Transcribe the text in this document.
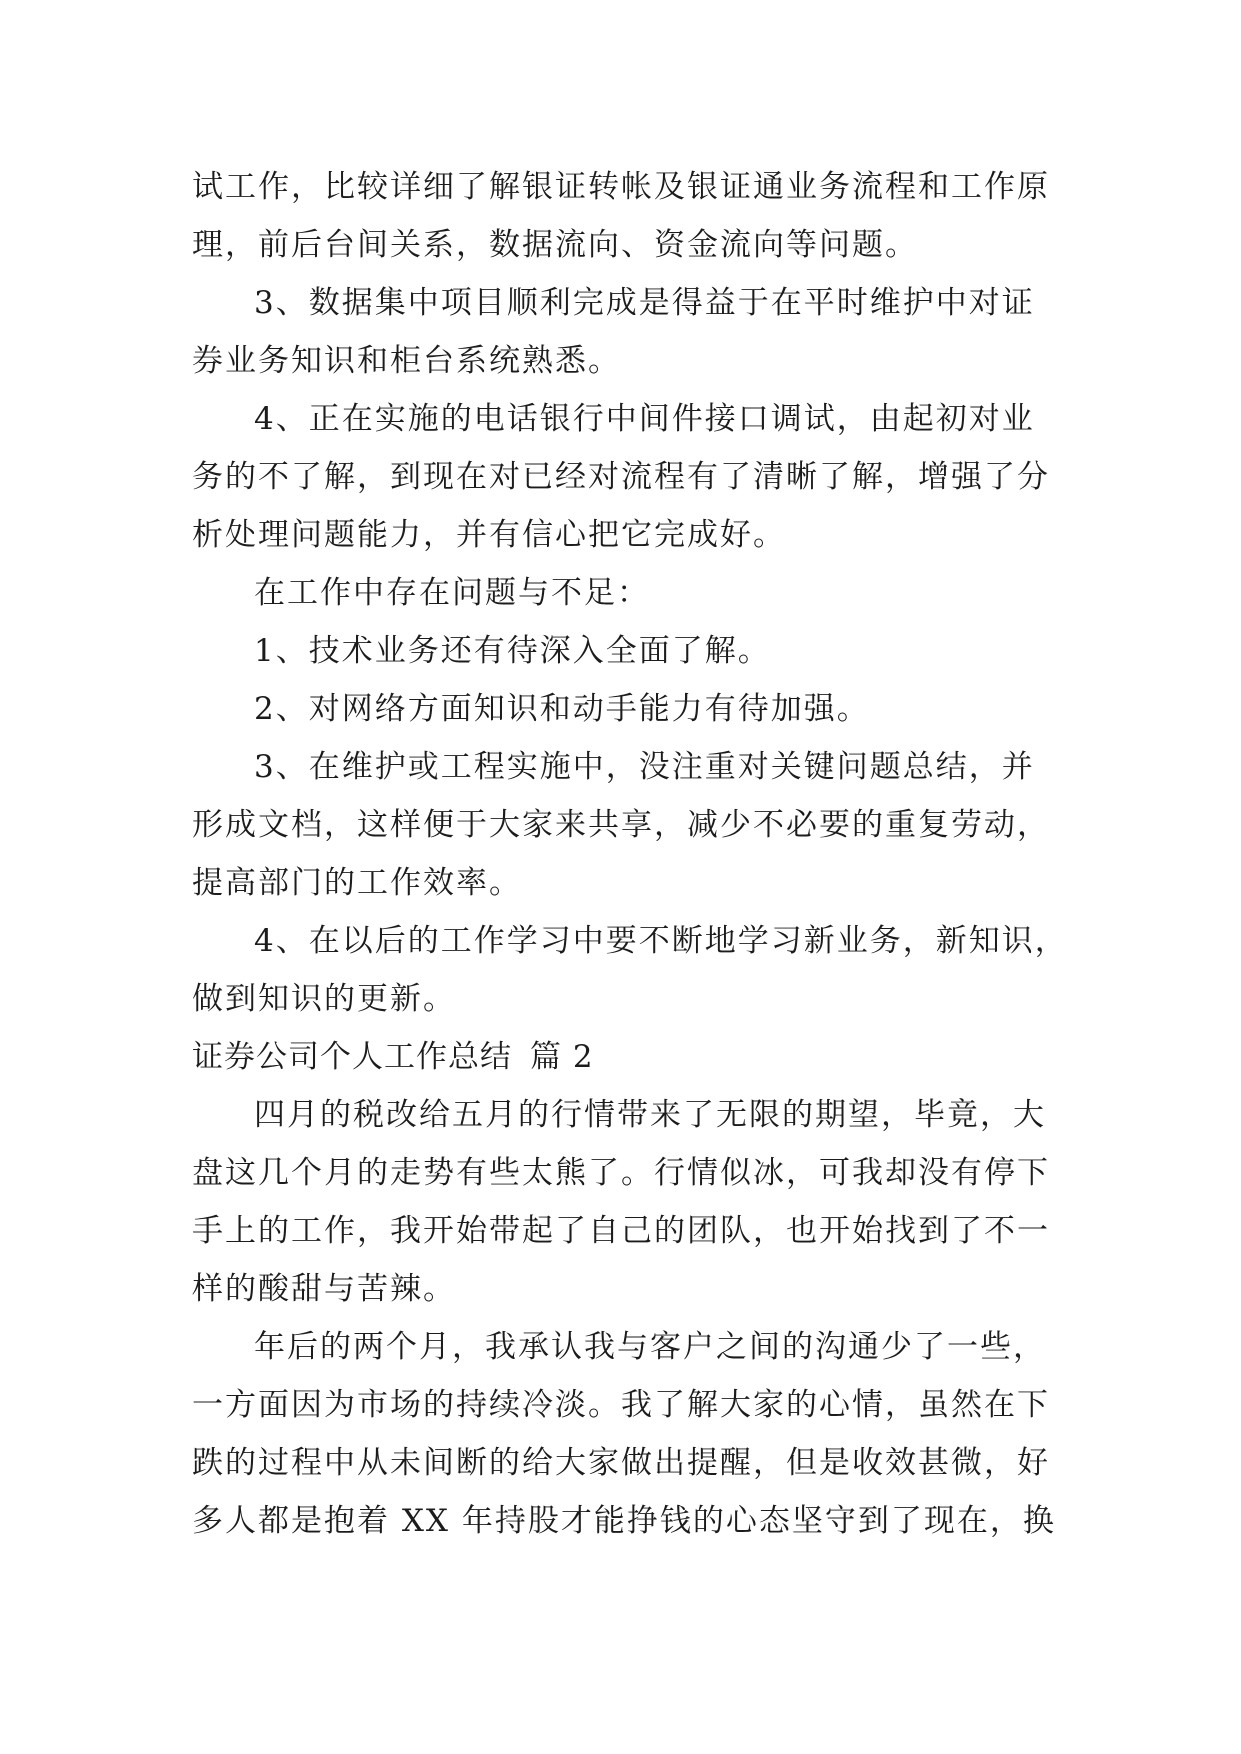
试工作，比较详细了解银证转帐及银证通业务流程和工作原
理，前后台间关系，数据流向、资金流向等问题。
3、数据集中项目顺利完成是得益于在平时维护中对证
券业务知识和柜台系统熟悉。
4、正在实施的电话银行中间件接口调试，由起初对业
务的不了解，到现在对已经对流程有了清晰了解，增强了分
析处理问题能力，并有信心把它完成好。
在工作中存在问题与不足：
1、技术业务还有待深入全面了解。
2、对网络方面知识和动手能力有待加强。
3、在维护或工程实施中，没注重对关键问题总结，并
形成文档，这样便于大家来共享，减少不必要的重复劳动，
提高部门的工作效率。
4、在以后的工作学习中要不断地学习新业务，新知识，
做到知识的更新。
证券公司个人工作总结 篇 2
四月的税改给五月的行情带来了无限的期望，毕竟，大
盘这几个月的走势有些太熊了。行情似冰，可我却没有停下
手上的工作，我开始带起了自己的团队，也开始找到了不一
样的酸甜与苦辣。
年后的两个月，我承认我与客户之间的沟通少了一些，
一方面因为市场的持续冷淡。我了解大家的心情，虽然在下
跌的过程中从未间断的给大家做出提醒，但是收效甚微，好
多人都是抱着 XX 年持股才能挣钱的心态坚守到了现在，换
